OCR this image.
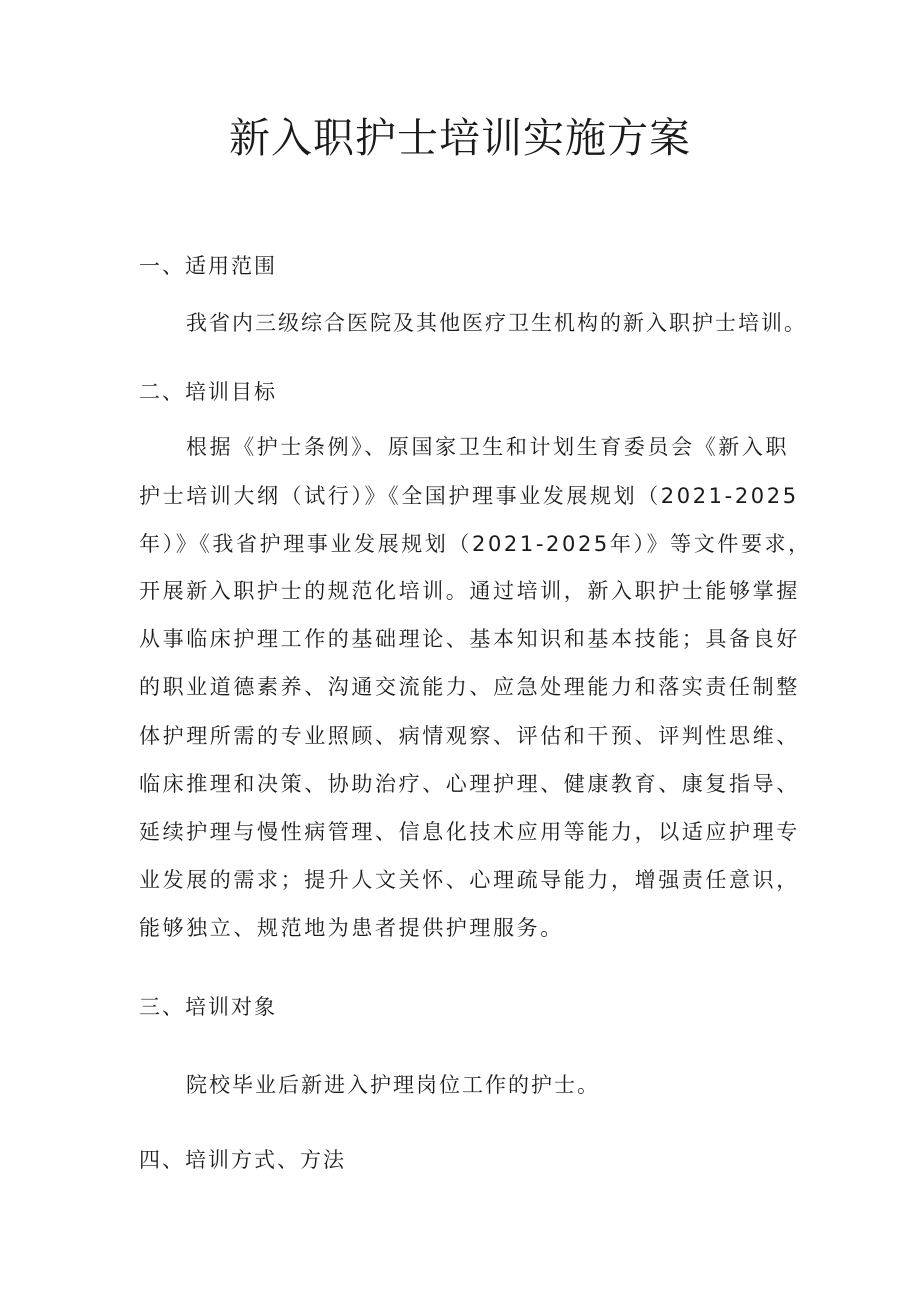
新入职护士培训实施方案
一、适用范围

我省内三级综合医院及其他医疗卫生机构的新入职护士培训。

二、培训目标

根据《护士条例》、原国家卫生和计划生育委员会《新入职

护士培训大纲（试行）》《全国护理事业发展规划（2021-2025

年）》《我省护理事业发展规划（2021-2025年）》等文件要求，

开展新入职护士的规范化培训。通过培训，新入职护士能够掌握

从事临床护理工作的基础理论、基本知识和基本技能；具备良好

的职业道德素养、沟通交流能力、应急处理能力和落实责任制整

体护理所需的专业照顾、病情观察、评估和干预、评判性思维、

临床推理和决策、协助治疗、心理护理、健康教育、康复指导、

延续护理与慢性病管理、信息化技术应用等能力，以适应护理专

业发展的需求；提升人文关怀、心理疏导能力，增强责任意识，

能够独立、规范地为患者提供护理服务。

三、培训对象

院校毕业后新进入护理岗位工作的护士。

四、培训方式、方法
